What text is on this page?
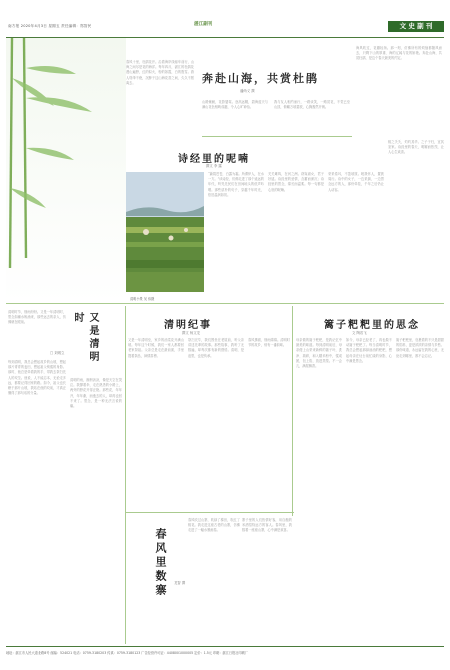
南方报 2020年4月3日 星期五 责任编辑：郑智民	湛江副刊	文 史 副 刊
奔赴山海，共赏杜鹃
潘尚义 撰
春风十里，杜鹃花开。沿着海岸线驱车前行，山海之间尽是花的海洋。每年四月，湛江的杜鹃花漫山遍野，红的似火，粉的如霞，白的胜雪。游人络绎不绝，沉醉于这山海花香之间，久久不愿离去。
山路蜿蜒，花影婆娑。登高远眺，碧海蓝天与满山花色相映成趣，令人心旷神怡。
我与友人相约而行，一路谈笑，一路赏花，不觉已至山顶，俯瞰万顷碧波，心胸豁然开朗。
海风吹过，花瓣轻扬。那一刻，仿佛所有的烦恼都随风而去，只剩下山的厚重、海的辽阔与花的娇艳。奔赴山海，共赏杜鹃，是这个春天最美的约定。
诗经里的呢喃
撰文 李 露
清明小景 吴 伟摄
“蒹葭苍苍，白露为霜。所谓伊人，在水一方。”读诗经，仿佛走进了那个遥远的年代，听见先民们在田间地头的低声吟唱。那些质朴的句子，穿越千年时光，依旧温润如初。
关关雎鸠，在河之洲。窈窕淑女，君子好逑。诗经里的爱情，含蓄而深沉；诗经里的思念，绵长而温柔。每一句都是心底的呢喃。
采采卷耳，不盈顷筐。嗟我怀人，置彼周行。诗中的女子，一边采摘，一边思念远方的人，那份牵挂，千年之后仍让人动容。
桃之夭夭，灼灼其华。之子于归，宜其室家。诗经里的春天，明媚而热烈，让人心生欢喜。
清明时节，细雨纷纷。又是一年清明时，思念如潮水般涌来，那些远去的亲人，仿佛就在眼前。	又是清明时
□ 刘炳立
每到清明，我总会想起故乡的山坡，想起那片青青的麦田，想起祖父佝偻的身影。那时，他总是牵着我的手，带我去祭扫先人的坟茔。他说，人不能忘本，无论走多远，都要记得回家的路。如今，祖父也长眠于那片山坡，我站在他的坟前，才真正懂得了那句话的分量。
清明的雨，淅淅沥沥，像是天空在哭泣。我撑着伞，走在熟悉的小路上，两旁的野花开得正艳。那些花，年年开，年年谢，而逝去的人，却再也回不来了。思念，是一种无法言说的痛。
清明纪事
撰文 杨文龙
又是一年清明至，家乡的油菜花开满山坡。每年这个时候，我们一家人都要回老家祭祖。父亲总是走在最前面，手里提着祭品，神情肃穆。
祭扫完毕，我们围坐在老屋前，听父亲讲述先辈的故事。那些故事，我听了无数遍，却每次都有新的感悟。清明，是追思，也是传承。
春风拂面，细雨绵绵。清明时节的故乡，别有一番韵味。
篱子粑粑里的思念
文 陶若飞
母亲做的篱子粑粑，是我记忆中最美的味道。每到清明前后，母亲便上山采来新鲜的篱子叶，洗净、捣碎，和入糯米粉中，揉成团，包上馅，放进蒸笼。不一会儿，满屋飘香。
如今，母亲已经老了，再也做不动篱子粑粑了。每当清明时节，我总会想起那绿油油的粑粑，想起母亲在灶台前忙碌的身影，心中满是思念。
篱子粑粑里，包裹着的不只是甜甜的馅料，更是浓浓的亲情与乡愁。那份味道，永远留在我的心里，无论走到哪里，都不会忘记。
春风里数寨 龙智 撰
春风吹过山寨，吹绿了梯田，吹红了桃花。我走进这座古老的山寨，仿佛走进了一幅水墨画卷。
寨子里的人们热情好客，用自酿的米酒招待远方的客人。春风里，我数着一座座山寨，心中满是欢喜。
地址：湛江市人民大道北路8号 邮编：524021 电话：0759-3180203 传真：0759-3180123 广告经营许可证：4408001000005 定价：1.5元 印刷：湛江日报社印刷厂
